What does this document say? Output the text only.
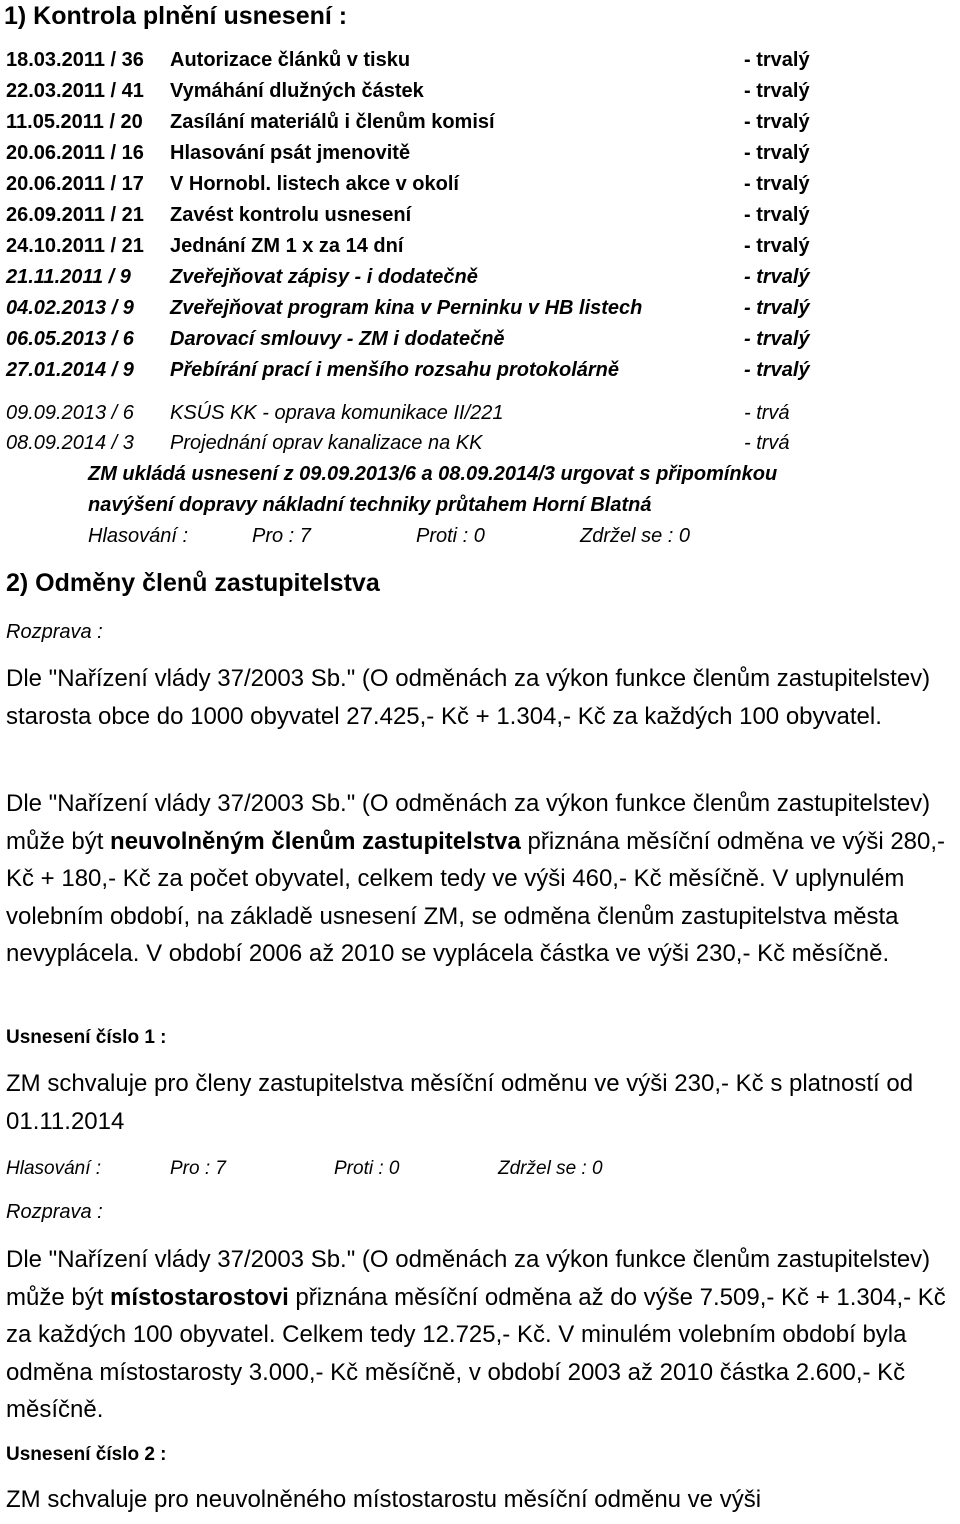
1) Kontrola plnění usnesení :
18.03.2011 / 36 Autorizace článků v tisku	- trvalý
22.03.2011 / 41 Vymáhání dlužných částek	- trvalý
11.05.2011 / 20 Zasílání materiálů i členům komisí	- trvalý
20.06.2011 / 16 Hlasování psát jmenovitě	- trvalý
20.06.2011 / 17 V Hornobl. listech akce v okolí	- trvalý
26.09.2011 / 21 Zavést kontrolu usnesení	- trvalý
24.10.2011 / 21 Jednání ZM 1 x za 14 dní	- trvalý
21.11.2011 / 9 Zveřejňovat zápisy - i dodatečně	- trvalý
04.02.2013 / 9 Zveřejňovat program kina v Perninku v HB listech	- trvalý
06.05.2013 / 6 Darovací smlouvy - ZM i dodatečně	- trvalý
27.01.2014 / 9 Přebírání prací i menšího rozsahu protokolárně	- trvalý
09.09.2013 / 6 KSÚS KK - oprava komunikace II/221	- trvá
08.09.2014 / 3 Projednání oprav kanalizace na KK	- trvá
ZM ukládá usnesení z 09.09.2013/6 a 08.09.2014/3 urgovat s připomínkou
navýšení dopravy nákladní techniky průtahem Horní Blatná
Hlasování :	Pro : 7	Proti : 0	Zdržel se : 0
2) Odměny členů zastupitelstva
Rozprava :
Dle "Nařízení vlády 37/2003 Sb." (O odměnách za výkon funkce členům zastupitelstev) starosta obce do 1000 obyvatel 27.425,- Kč + 1.304,- Kč za každých 100 obyvatel.
Dle "Nařízení vlády 37/2003 Sb." (O odměnách za výkon funkce členům zastupitelstev) může být neuvolněným členům zastupitelstva přiznána měsíční odměna ve výši 280,- Kč + 180,- Kč za počet obyvatel, celkem tedy ve výši 460,- Kč měsíčně. V uplynulém volebním období, na základě usnesení ZM, se odměna členům zastupitelstva města nevyplácela. V období 2006 až 2010 se vyplácela částka ve výši 230,- Kč měsíčně.
Usnesení číslo 1 :
ZM schvaluje pro členy zastupitelstva měsíční odměnu ve výši 230,- Kč s platností od 01.11.2014
Hlasování :	Pro : 7	Proti : 0	Zdržel se : 0
Rozprava :
Dle "Nařízení vlády 37/2003 Sb." (O odměnách za výkon funkce členům zastupitelstev) může být místostarostovi přiznána měsíční odměna až do výše 7.509,- Kč + 1.304,- Kč za každých 100 obyvatel. Celkem tedy 12.725,- Kč. V minulém volebním období byla odměna místostarosty 3.000,- Kč měsíčně, v období 2003 až 2010 částka 2.600,- Kč měsíčně.
Usnesení číslo 2 :
ZM schvaluje pro neuvolněného místostarostu měsíční odměnu ve výši
